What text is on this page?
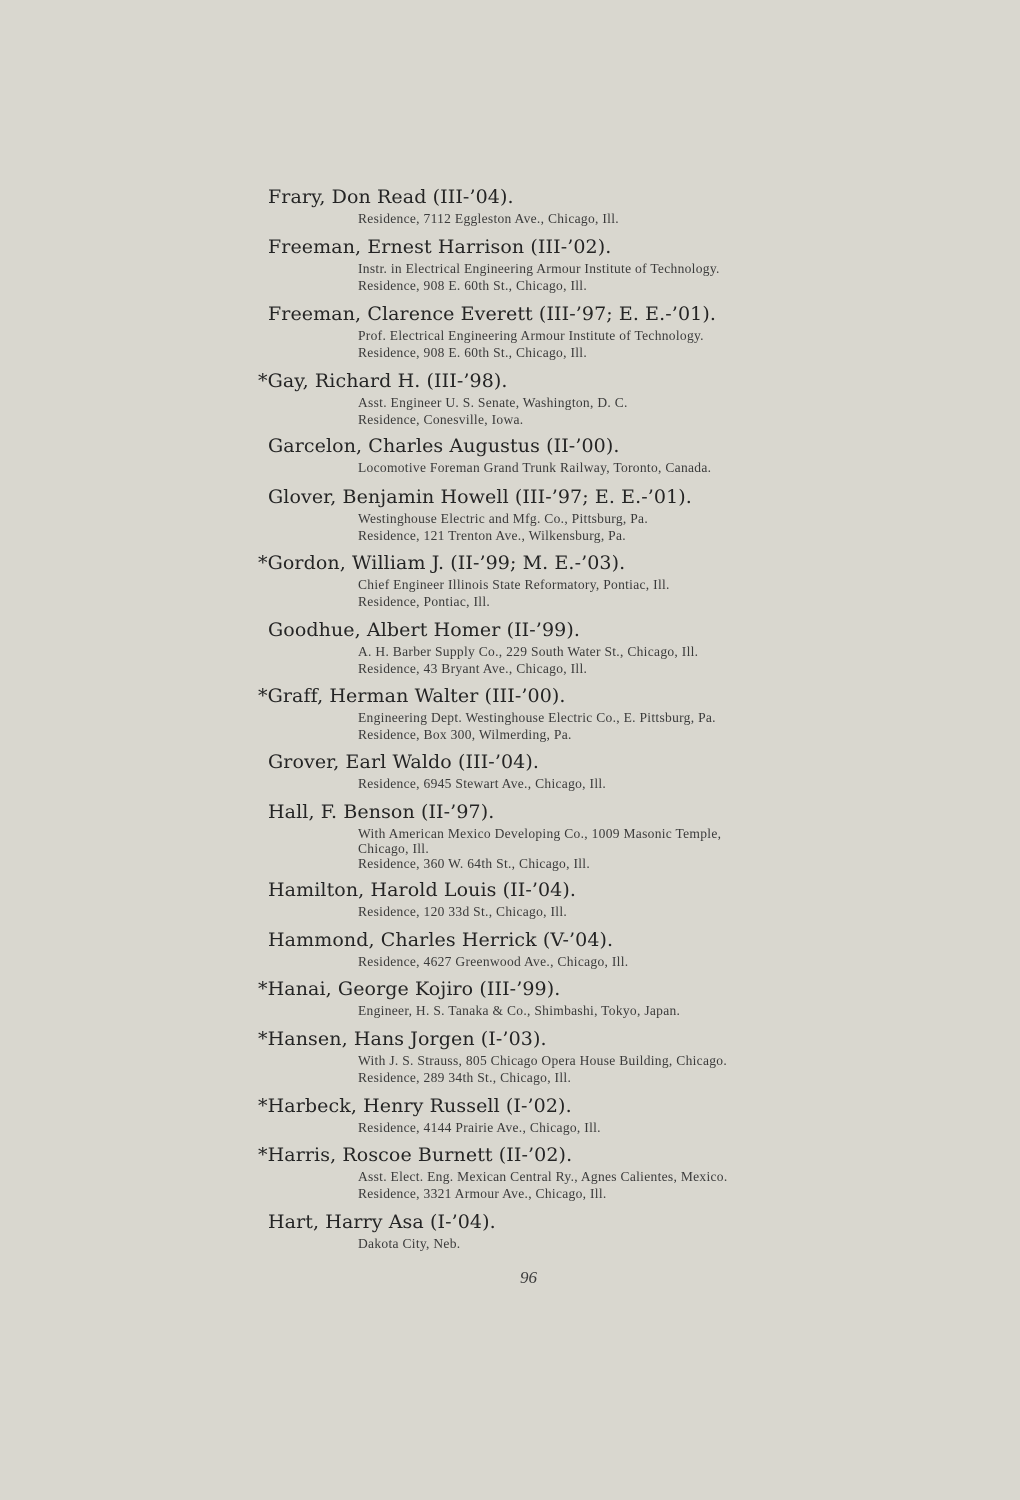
Frary, Don Read (III-’04).
Residence, 7112 Eggleston Ave., Chicago, Ill.
Freeman, Ernest Harrison (III-’02).
Instr. in Electrical Engineering Armour Institute of Technology.
Residence, 908 E. 60th St., Chicago, Ill.
Freeman, Clarence Everett (III-’97; E. E.-’01).
Prof. Electrical Engineering Armour Institute of Technology.
Residence, 908 E. 60th St., Chicago, Ill.
*Gay, Richard H. (III-’98).
Asst. Engineer U. S. Senate, Washington, D. C.
Residence, Conesville, Iowa.
Garcelon, Charles Augustus (II-’00).
Locomotive Foreman Grand Trunk Railway, Toronto, Canada.
Glover, Benjamin Howell (III-’97; E. E.-’01).
Westinghouse Electric and Mfg. Co., Pittsburg, Pa.
Residence, 121 Trenton Ave., Wilkensburg, Pa.
*Gordon, William J. (II-’99; M. E.-’03).
Chief Engineer Illinois State Reformatory, Pontiac, Ill.
Residence, Pontiac, Ill.
Goodhue, Albert Homer (II-’99).
A. H. Barber Supply Co., 229 South Water St., Chicago, Ill.
Residence, 43 Bryant Ave., Chicago, Ill.
*Graff, Herman Walter (III-’00).
Engineering Dept. Westinghouse Electric Co., E. Pittsburg, Pa.
Residence, Box 300, Wilmerding, Pa.
Grover, Earl Waldo (III-’04).
Residence, 6945 Stewart Ave., Chicago, Ill.
Hall, F. Benson (II-’97).
With American Mexico Developing Co., 1009 Masonic Temple,
Chicago, Ill.
Residence, 360 W. 64th St., Chicago, Ill.
Hamilton, Harold Louis (II-’04).
Residence, 120 33d St., Chicago, Ill.
Hammond, Charles Herrick (V-’04).
Residence, 4627 Greenwood Ave., Chicago, Ill.
*Hanai, George Kojiro (III-’99).
Engineer, H. S. Tanaka & Co., Shimbashi, Tokyo, Japan.
*Hansen, Hans Jorgen (I-’03).
With J. S. Strauss, 805 Chicago Opera House Building, Chicago.
Residence, 289 34th St., Chicago, Ill.
*Harbeck, Henry Russell (I-’02).
Residence, 4144 Prairie Ave., Chicago, Ill.
*Harris, Roscoe Burnett (II-’02).
Asst. Elect. Eng. Mexican Central Ry., Agnes Calientes, Mexico.
Residence, 3321 Armour Ave., Chicago, Ill.
Hart, Harry Asa (I-’04).
Dakota City, Neb.
96
